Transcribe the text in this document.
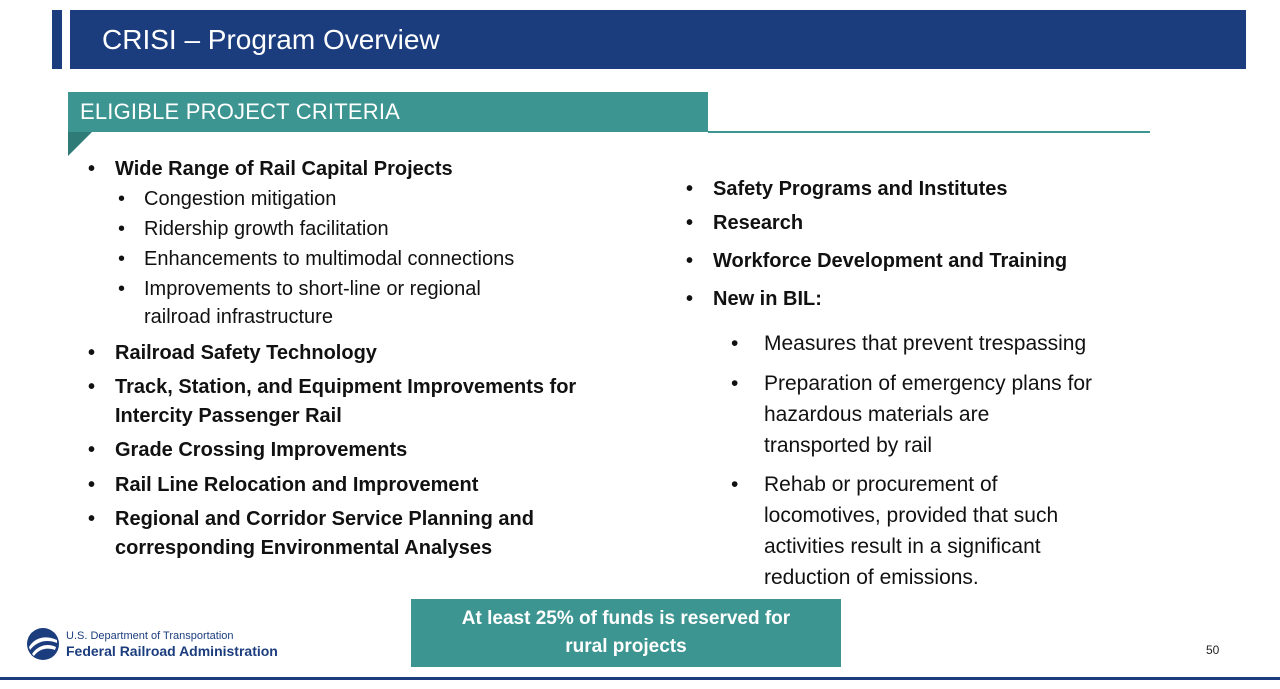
CRISI – Program Overview
ELIGIBLE PROJECT CRITERIA
• Wide Range of Rail Capital Projects
• Congestion mitigation
• Ridership growth facilitation
• Enhancements to multimodal connections
• Improvements to short-line or regional
railroad infrastructure
• Railroad Safety Technology
• Track, Station, and Equipment Improvements for
Intercity Passenger Rail
• Grade Crossing Improvements
• Rail Line Relocation and Improvement
• Regional and Corridor Service Planning and
corresponding Environmental Analyses
• Safety Programs and Institutes
• Research
• Workforce Development and Training
• New in BIL:
• Measures that prevent trespassing
• Preparation of emergency plans for
hazardous materials are
transported by rail
• Rehab or procurement of
locomotives, provided that such
activities result in a significant
reduction of emissions.
At least 25% of funds is reserved for
rural projects
U.S. Department of Transportation
Federal Railroad Administration	50
